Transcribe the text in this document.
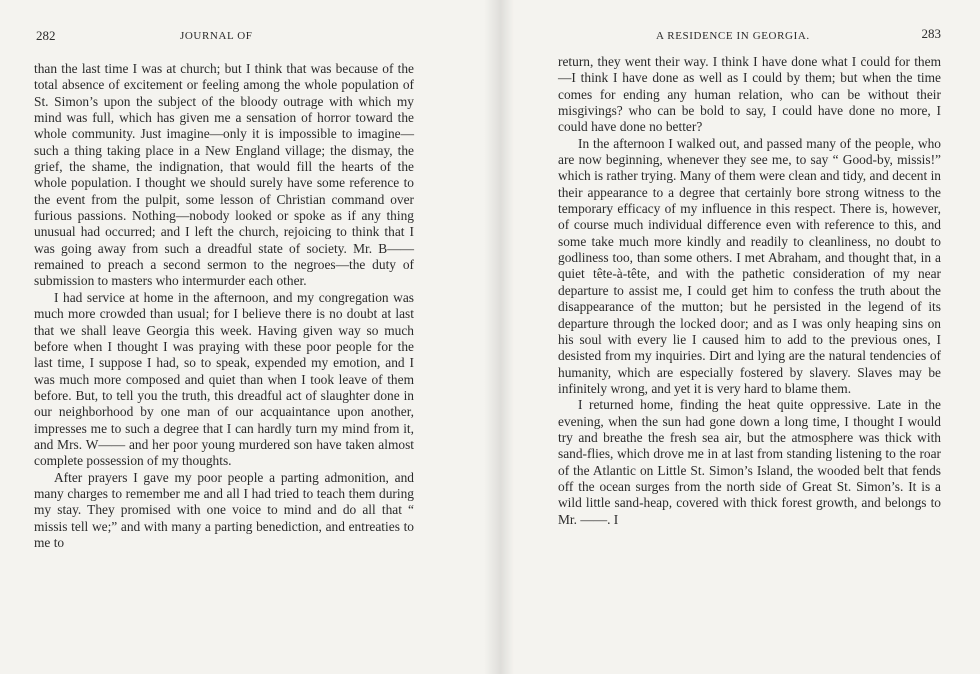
282	JOURNAL OF

than the last time I was at church; but I think that was because of the total absence of excitement or feeling among the whole population of St. Simon’s upon the subject of the bloody outrage with which my mind was full, which has given me a sensation of horror toward the whole community. Just imagine—only it is impossible to imagine—such a thing taking place in a New England village; the dismay, the grief, the shame, the indignation, that would fill the hearts of the whole population. I thought we should surely have some reference to the event from the pulpit, some lesson of Christian command over furious passions. Nothing—nobody looked or spoke as if any thing unusual had occurred; and I left the church, rejoicing to think that I was going away from such a dreadful state of society. Mr. B—— remained to preach a second sermon to the negroes—the duty of submission to masters who intermurder each other.

I had service at home in the afternoon, and my congregation was much more crowded than usual; for I believe there is no doubt at last that we shall leave Georgia this week. Having given way so much before when I thought I was praying with these poor people for the last time, I suppose I had, so to speak, expended my emotion, and I was much more composed and quiet than when I took leave of them before. But, to tell you the truth, this dreadful act of slaughter done in our neighborhood by one man of our acquaintance upon another, impresses me to such a degree that I can hardly turn my mind from it, and Mrs. W—— and her poor young murdered son have taken almost complete possession of my thoughts.

After prayers I gave my poor people a parting admonition, and many charges to remember me and all I had tried to teach them during my stay. They promised with one voice to mind and do all that “ missis tell we;” and with many a parting benediction, and entreaties to me to

A RESIDENCE IN GEORGIA.	283

return, they went their way. I think I have done what I could for them—I think I have done as well as I could by them; but when the time comes for ending any human relation, who can be without their misgivings? who can be bold to say, I could have done no more, I could have done no better?

In the afternoon I walked out, and passed many of the people, who are now beginning, whenever they see me, to say “ Good-by, missis!” which is rather trying. Many of them were clean and tidy, and decent in their appearance to a degree that certainly bore strong witness to the temporary efficacy of my influence in this respect. There is, however, of course much individual difference even with reference to this, and some take much more kindly and readily to cleanliness, no doubt to godliness too, than some others. I met Abraham, and thought that, in a quiet tête-à-tête, and with the pathetic consideration of my near departure to assist me, I could get him to confess the truth about the disappearance of the mutton; but he persisted in the legend of its departure through the locked door; and as I was only heaping sins on his soul with every lie I caused him to add to the previous ones, I desisted from my inquiries. Dirt and lying are the natural tendencies of humanity, which are especially fostered by slavery. Slaves may be infinitely wrong, and yet it is very hard to blame them.

I returned home, finding the heat quite oppressive. Late in the evening, when the sun had gone down a long time, I thought I would try and breathe the fresh sea air, but the atmosphere was thick with sand-flies, which drove me in at last from standing listening to the roar of the Atlantic on Little St. Simon’s Island, the wooded belt that fends off the ocean surges from the north side of Great St. Simon’s. It is a wild little sand-heap, covered with thick forest growth, and belongs to Mr. ——. I
